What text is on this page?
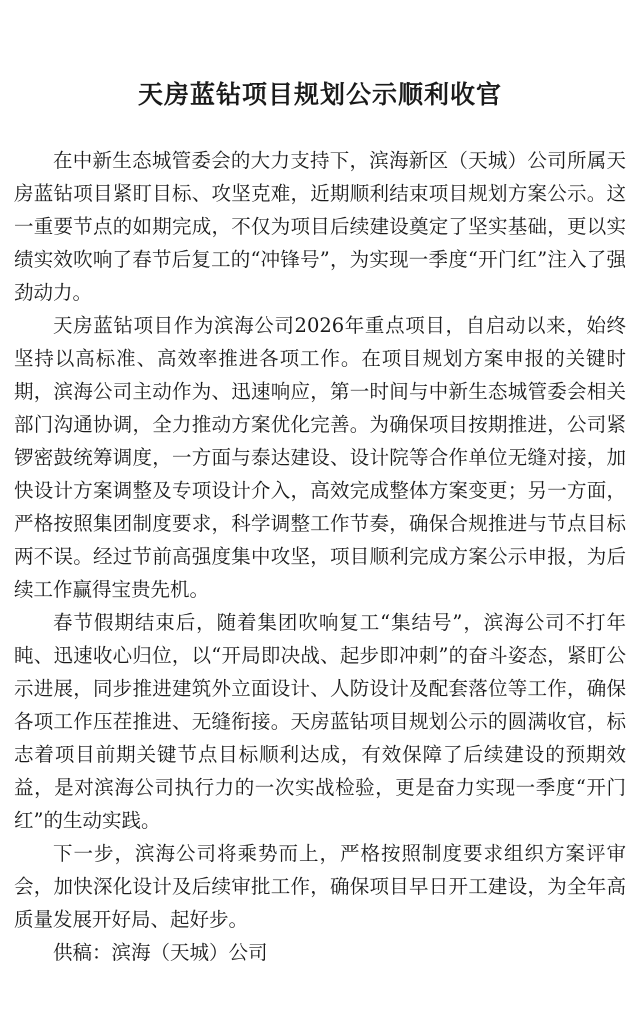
天房蓝钻项目规划公示顺利收官

在中新生态城管委会的大力支持下，滨海新区（天城）公司所属天房蓝钻项目紧盯目标、攻坚克难，近期顺利结束项目规划方案公示。这一重要节点的如期完成，不仅为项目后续建设奠定了坚实基础，更以实绩实效吹响了春节后复工的“冲锋号”，为实现一季度“开门红”注入了强劲动力。

天房蓝钻项目作为滨海公司2026年重点项目，自启动以来，始终坚持以高标准、高效率推进各项工作。在项目规划方案申报的关键时期，滨海公司主动作为、迅速响应，第一时间与中新生态城管委会相关部门沟通协调，全力推动方案优化完善。为确保项目按期推进，公司紧锣密鼓统筹调度，一方面与泰达建设、设计院等合作单位无缝对接，加快设计方案调整及专项设计介入，高效完成整体方案变更；另一方面，严格按照集团制度要求，科学调整工作节奏，确保合规推进与节点目标两不误。经过节前高强度集中攻坚，项目顺利完成方案公示申报，为后续工作赢得宝贵先机。

春节假期结束后，随着集团吹响复工“集结号”，滨海公司不打年盹、迅速收心归位，以“开局即决战、起步即冲刺”的奋斗姿态，紧盯公示进展，同步推进建筑外立面设计、人防设计及配套落位等工作，确保各项工作压茬推进、无缝衔接。天房蓝钻项目规划公示的圆满收官，标志着项目前期关键节点目标顺利达成，有效保障了后续建设的预期效益，是对滨海公司执行力的一次实战检验，更是奋力实现一季度“开门红”的生动实践。

下一步，滨海公司将乘势而上，严格按照制度要求组织方案评审会，加快深化设计及后续审批工作，确保项目早日开工建设，为全年高质量发展开好局、起好步。

供稿：滨海（天城）公司
